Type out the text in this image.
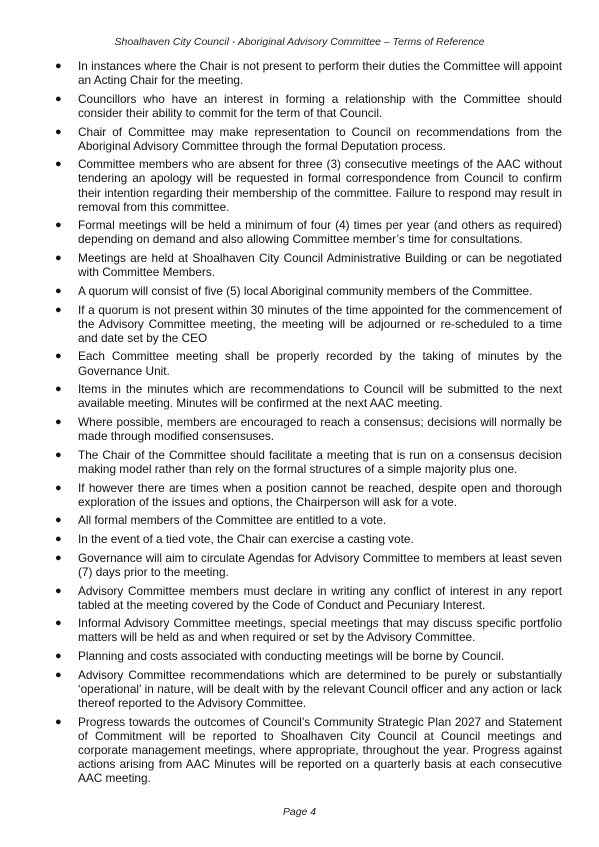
Shoalhaven City Council - Aboriginal Advisory Committee – Terms of Reference
●	In instances where the Chair is not present to perform their duties the Committee will appoint an Acting Chair for the meeting.
●	Councillors who have an interest in forming a relationship with the Committee should consider their ability to commit for the term of that Council.
●	Chair of Committee may make representation to Council on recommendations from the Aboriginal Advisory Committee through the formal Deputation process.
●	Committee members who are absent for three (3) consecutive meetings of the AAC without tendering an apology will be requested in formal correspondence from Council to confirm their intention regarding their membership of the committee. Failure to respond may result in removal from this committee.
●	Formal meetings will be held a minimum of four (4) times per year (and others as required) depending on demand and also allowing Committee member’s time for consultations.
●	Meetings are held at Shoalhaven City Council Administrative Building or can be negotiated with Committee Members.
●	A quorum will consist of five (5) local Aboriginal community members of the Committee.
●	If a quorum is not present within 30 minutes of the time appointed for the commencement of the Advisory Committee meeting, the meeting will be adjourned or re-scheduled to a time and date set by the CEO
●	Each Committee meeting shall be properly recorded by the taking of minutes by the Governance Unit.
●	Items in the minutes which are recommendations to Council will be submitted to the next available meeting. Minutes will be confirmed at the next AAC meeting.
●	Where possible, members are encouraged to reach a consensus; decisions will normally be made through modified consensuses.
●	The Chair of the Committee should facilitate a meeting that is run on a consensus decision making model rather than rely on the formal structures of a simple majority plus one.
●	If however there are times when a position cannot be reached, despite open and thorough exploration of the issues and options, the Chairperson will ask for a vote.
●	All formal members of the Committee are entitled to a vote.
●	In the event of a tied vote, the Chair can exercise a casting vote.
●	Governance will aim to circulate Agendas for Advisory Committee to members at least seven (7) days prior to the meeting.
●	Advisory Committee members must declare in writing any conflict of interest in any report tabled at the meeting covered by the Code of Conduct and Pecuniary Interest.
●	Informal Advisory Committee meetings, special meetings that may discuss specific portfolio matters will be held as and when required or set by the Advisory Committee.
●	Planning and costs associated with conducting meetings will be borne by Council.
●	Advisory Committee recommendations which are determined to be purely or substantially ‘operational’ in nature, will be dealt with by the relevant Council officer and any action or lack thereof reported to the Advisory Committee.
●	Progress towards the outcomes of Council’s Community Strategic Plan 2027 and Statement of Commitment will be reported to Shoalhaven City Council at Council meetings and corporate management meetings, where appropriate, throughout the year. Progress against actions arising from AAC Minutes will be reported on a quarterly basis at each consecutive AAC meeting.
Page 4
